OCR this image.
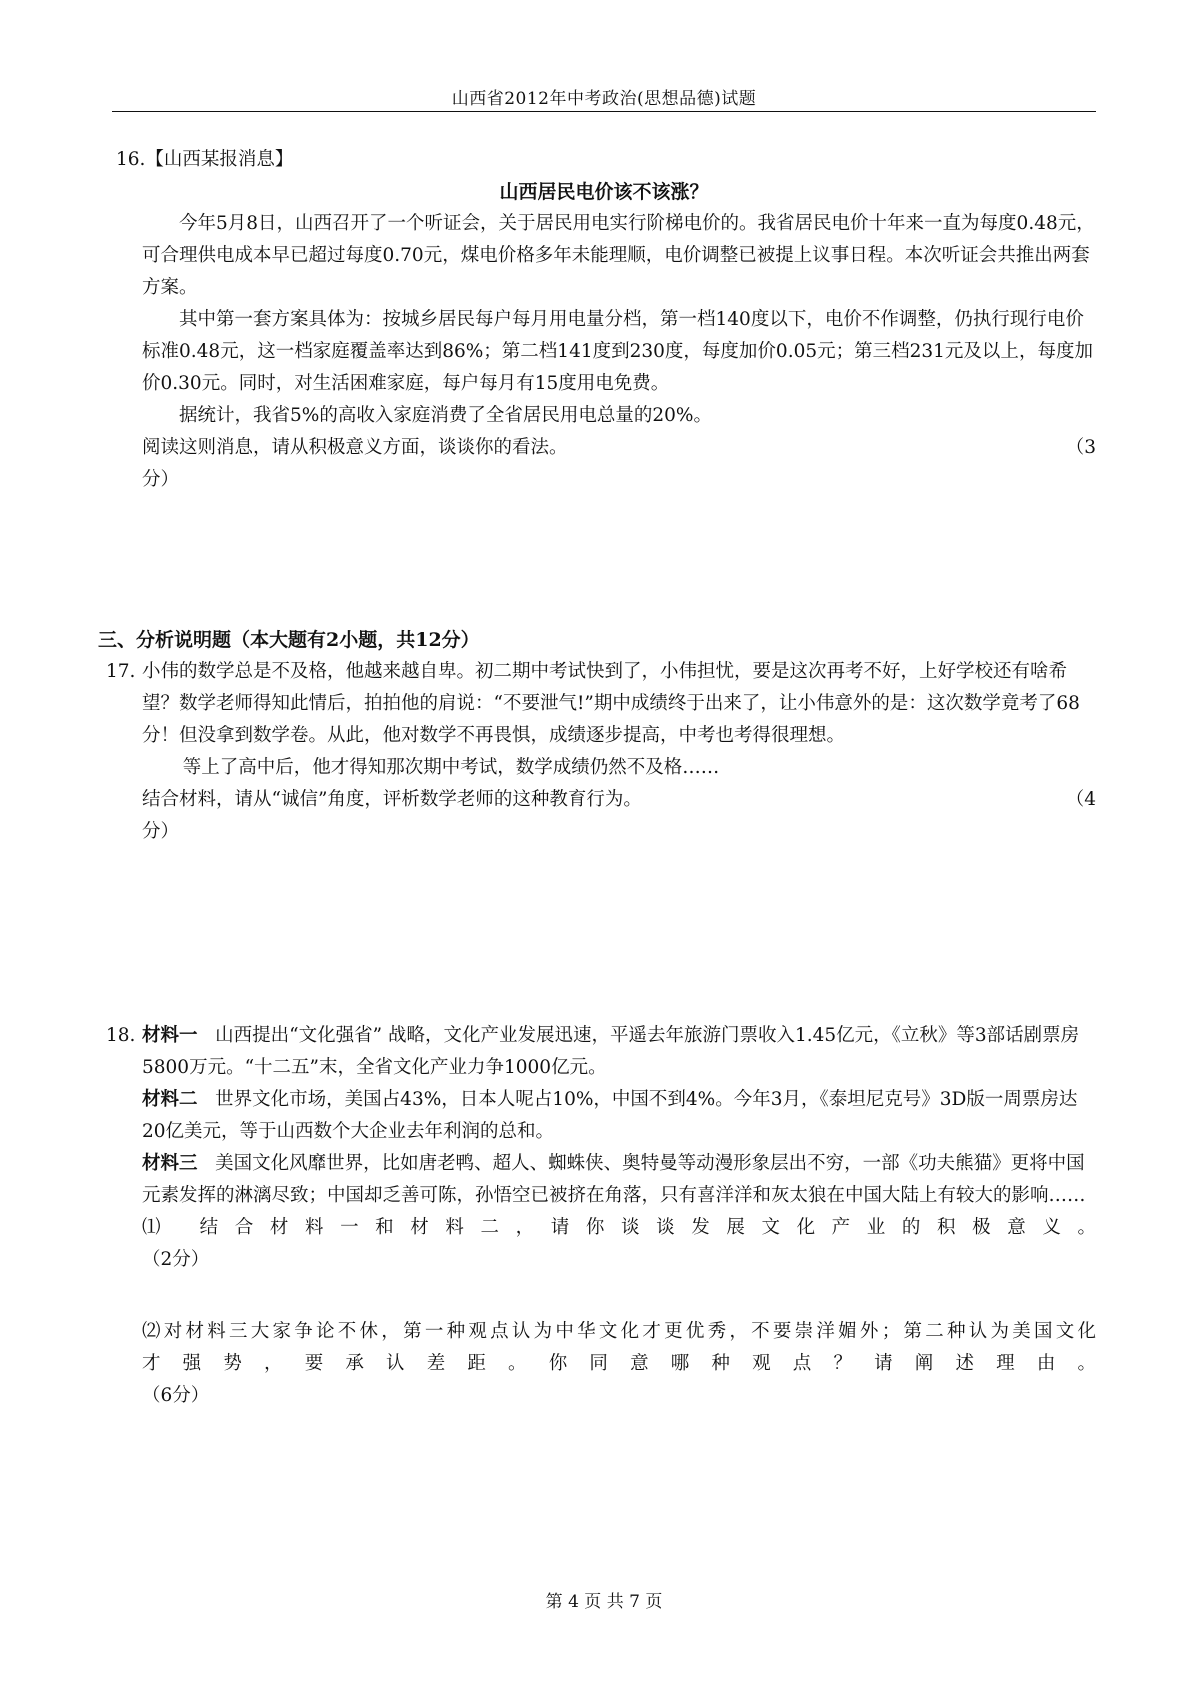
山西省2012年中考政治(思想品德)试题

16.【山西某报消息】

山西居民电价该不该涨？

今年5月8日，山西召开了一个听证会，关于居民用电实行阶梯电价的。我省居民电价十年来一直为每度0.48元，可合理供电成本早已超过每度0.70元，煤电价格多年未能理顺，电价调整已被提上议事日程。本次听证会共推出两套方案。

其中第一套方案具体为：按城乡居民每户每月用电量分档，第一档140度以下，电价不作调整，仍执行现行电价标准0.48元，这一档家庭覆盖率达到86%；第二档141度到230度，每度加价0.05元；第三档231元及以上，每度加价0.30元。同时，对生活困难家庭，每户每月有15度用电免费。

据统计，我省5%的高收入家庭消费了全省居民用电总量的20%。

阅读这则消息，请从积极意义方面，谈谈你的看法。	（3

分）

三、分析说明题（本大题有2小题，共12分）

17. 小伟的数学总是不及格，他越来越自卑。初二期中考试快到了，小伟担忧，要是这次再考不好，上好学校还有啥希望？数学老师得知此情后，拍拍他的肩说：“不要泄气!”期中成绩终于出来了，让小伟意外的是：这次数学竟考了68分！但没拿到数学卷。从此，他对数学不再畏惧，成绩逐步提高，中考也考得很理想。

等上了高中后，他才得知那次期中考试，数学成绩仍然不及格……

结合材料，请从“诚信”角度，评析数学老师的这种教育行为。	（4

分）

18. 材料一 山西提出“文化强省” 战略，文化产业发展迅速，平遥去年旅游门票收入1.45亿元，《立秋》等3部话剧票房5800万元。“十二五”末，全省文化产业力争1000亿元。

材料二 世界文化市场，美国占43%，日本人呢占10%，中国不到4%。今年3月，《泰坦尼克号》3D版一周票房达20亿美元，等于山西数个大企业去年利润的总和。

材料三 美国文化风靡世界，比如唐老鸭、超人、蜘蛛侠、奥特曼等动漫形象层出不穷，一部《功夫熊猫》更将中国元素发挥的淋漓尽致；中国却乏善可陈，孙悟空已被挤在角落，只有喜洋洋和灰太狼在中国大陆上有较大的影响……

⑴ 结合材料一和材料二，请你谈谈发展文化产业的积极意义。

（2分）

⑵对材料三大家争论不休，第一种观点认为中华文化才更优秀，不要崇洋媚外；第二种认为美国文化

才强势，要承认差距。你同意哪种观点？请阐述理由。

（6分）

第 4 页 共 7 页
